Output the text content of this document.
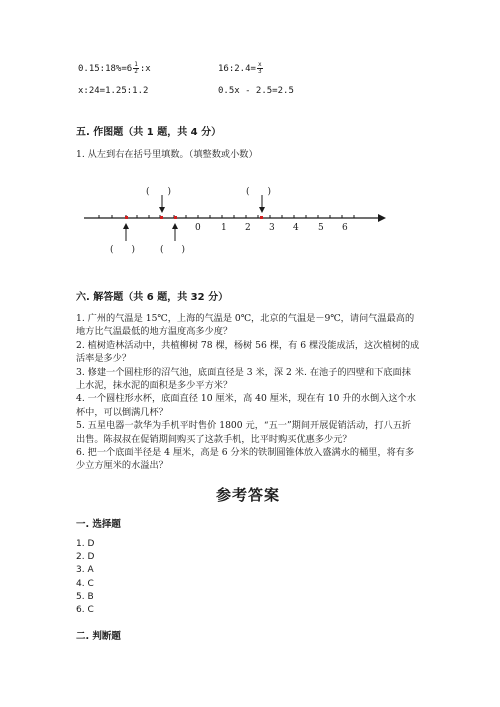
0.15:18%=6 $\frac{1}{2}$ :x	16:2.4= $\frac{x}{3}$
x:24=1.25:1.2	0.5x - 2.5=2.5
五. 作图题（共 1 题，共 4 分）
1. 从左到右在括号里填数。（填整数或小数）
(　　)	(　　)
(　　)	(　　)
0 1 2 3 4 5 6
六. 解答题（共 6 题，共 32 分）
1. 广州的气温是 15℃，上海的气温是 0℃，北京的气温是－9℃，请问气温最高的地方比气温最低的地方温度高多少度？
2. 植树造林活动中，共植柳树 78 棵，杨树 56 棵，有 6 棵没能成活，这次植树的成活率是多少？
3. 修建一个圆柱形的沼气池，底面直径是 3 米，深 2 米. 在池子的四壁和下底面抹上水泥，抹水泥的面积是多少平方米？
4. 一个圆柱形水杯，底面直径 10 厘米，高 40 厘米，现在有 10 升的水倒入这个水杯中，可以倒满几杯？
5. 五星电器一款华为手机平时售价 1800 元，“五一”期间开展促销活动，打八五折出售。陈叔叔在促销期间购买了这款手机，比平时购买优惠多少元？
6. 把一个底面半径是 4 厘米，高是 6 分米的铁制圆锥体放入盛满水的桶里，将有多少立方厘米的水溢出？
参考答案
一. 选择题
1. D
2. D
3. A
4. C
5. B
6. C
二. 判断题
